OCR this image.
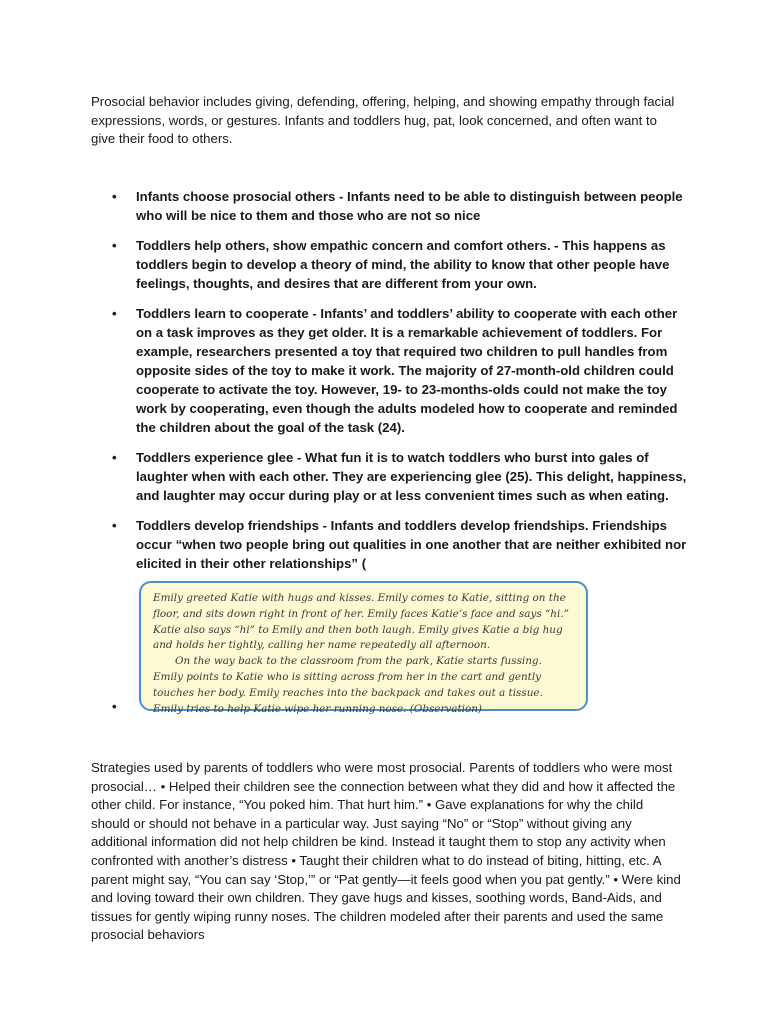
Prosocial behavior includes giving, defending, offering, helping, and showing empathy through facial expressions, words, or gestures. Infants and toddlers hug, pat, look concerned, and often want to give their food to others.

• Infants choose prosocial others - Infants need to be able to distinguish between people who will be nice to them and those who are not so nice
• Toddlers help others, show empathic concern and comfort others. - This happens as toddlers begin to develop a theory of mind, the ability to know that other people have feelings, thoughts, and desires that are different from your own.
• Toddlers learn to cooperate - Infants’ and toddlers’ ability to cooperate with each other on a task improves as they get older. It is a remarkable achievement of toddlers. For example, researchers presented a toy that required two children to pull handles from opposite sides of the toy to make it work. The majority of 27-month-old children could cooperate to activate the toy. However, 19- to 23-months-olds could not make the toy work by cooperating, even though the adults modeled how to cooperate and reminded the children about the goal of the task (24).
• Toddlers experience glee - What fun it is to watch toddlers who burst into gales of laughter when with each other. They are experiencing glee (25). This delight, happiness, and laughter may occur during play or at less convenient times such as when eating.
• Toddlers develop friendships - Infants and toddlers develop friendships. Friendships occur “when two people bring out qualities in one another that are neither exhibited nor elicited in their other relationships” (

Emily greeted Katie with hugs and kisses. Emily comes to Katie, sitting on the floor, and sits down right in front of her. Emily faces Katie’s face and says “hi.” Katie also says “hi” to Emily and then both laugh. Emily gives Katie a big hug and holds her tightly, calling her name repeatedly all afternoon.

On the way back to the classroom from the park, Katie starts fussing. Emily points to Katie who is sitting across from her in the cart and gently touches her body. Emily reaches into the backpack and takes out a tissue. Emily tries to help Katie wipe her running nose. (Observation)

•

Strategies used by parents of toddlers who were most prosocial. Parents of toddlers who were most prosocial… • Helped their children see the connection between what they did and how it affected the other child. For instance, “You poked him. That hurt him.” • Gave explanations for why the child should or should not behave in a particular way. Just saying “No” or “Stop” without giving any additional information did not help children be kind. Instead it taught them to stop any activity when confronted with another’s distress • Taught their children what to do instead of biting, hitting, etc. A parent might say, “You can say ‘Stop,’” or “Pat gently—it feels good when you pat gently.” • Were kind and loving toward their own children. They gave hugs and kisses, soothing words, Band-Aids, and tissues for gently wiping runny noses. The children modeled after their parents and used the same prosocial behaviors
